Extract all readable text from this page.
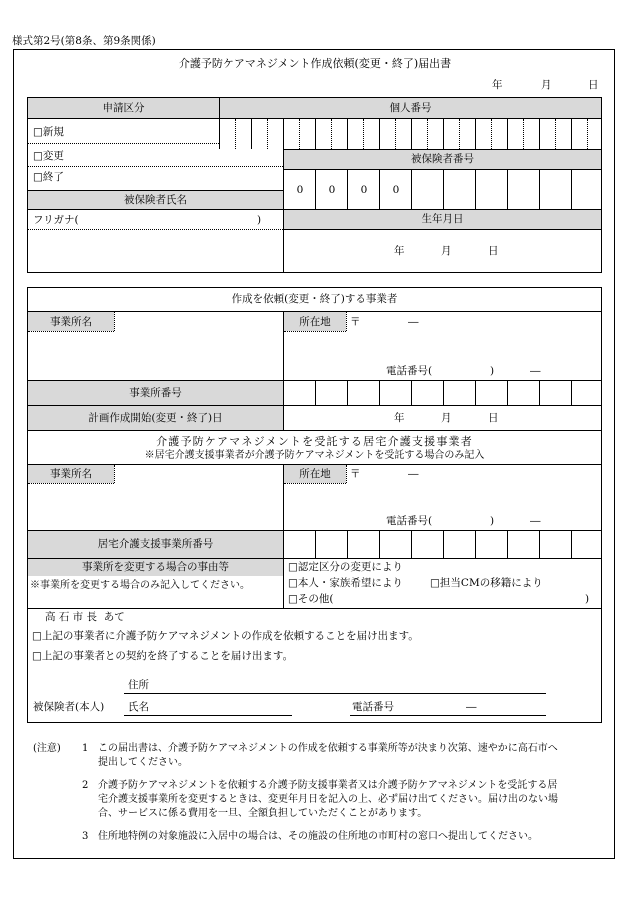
様式第2号(第8条、第9条関係)
介護予防ケアマネジメント作成依頼(変更・終了)届出書
年	月	日
申請区分	個人番号
□新規
□変更
□終了
被保険者番号
0	0	0	0
被保険者氏名
フリガナ(	)	生年月日
年	月	日
作成を依頼(変更・終了)する事業者
事業所名	所在地	〒	―
電話番号(	)	―
事業所番号
計画作成開始(変更・終了)日	年	月	日
介護予防ケアマネジメントを受託する居宅介護支援事業者
※居宅介護支援事業者が介護予防ケアマネジメントを受託する場合のみ記入
事業所名	所在地	〒	―
電話番号(	)	―
居宅介護支援事業所番号
事業所を変更する場合の事由等
※事業所を変更する場合のみ記入してください。
□認定区分の変更により
□本人・家族希望により	□担当CMの移籍により
□その他(	)
高 石 市 長  あて
□上記の事業者に介護予防ケアマネジメントの作成を依頼することを届け出ます。
□上記の事業者との契約を終了することを届け出ます。
住所
被保険者(本人) 氏名	電話番号	―
(注意) 1 この届出書は、介護予防ケアマネジメントの作成を依頼する事業所等が決まり次第、速やかに高石市へ
提出してください。
2 介護予防ケアマネジメントを依頼する介護予防支援事業者又は介護予防ケアマネジメントを受託する居
宅介護支援事業所を変更するときは、変更年月日を記入の上、必ず届け出てください。届け出のない場
合、サービスに係る費用を一旦、全額負担していただくことがあります。
3 住所地特例の対象施設に入居中の場合は、その施設の住所地の市町村の窓口へ提出してください。
